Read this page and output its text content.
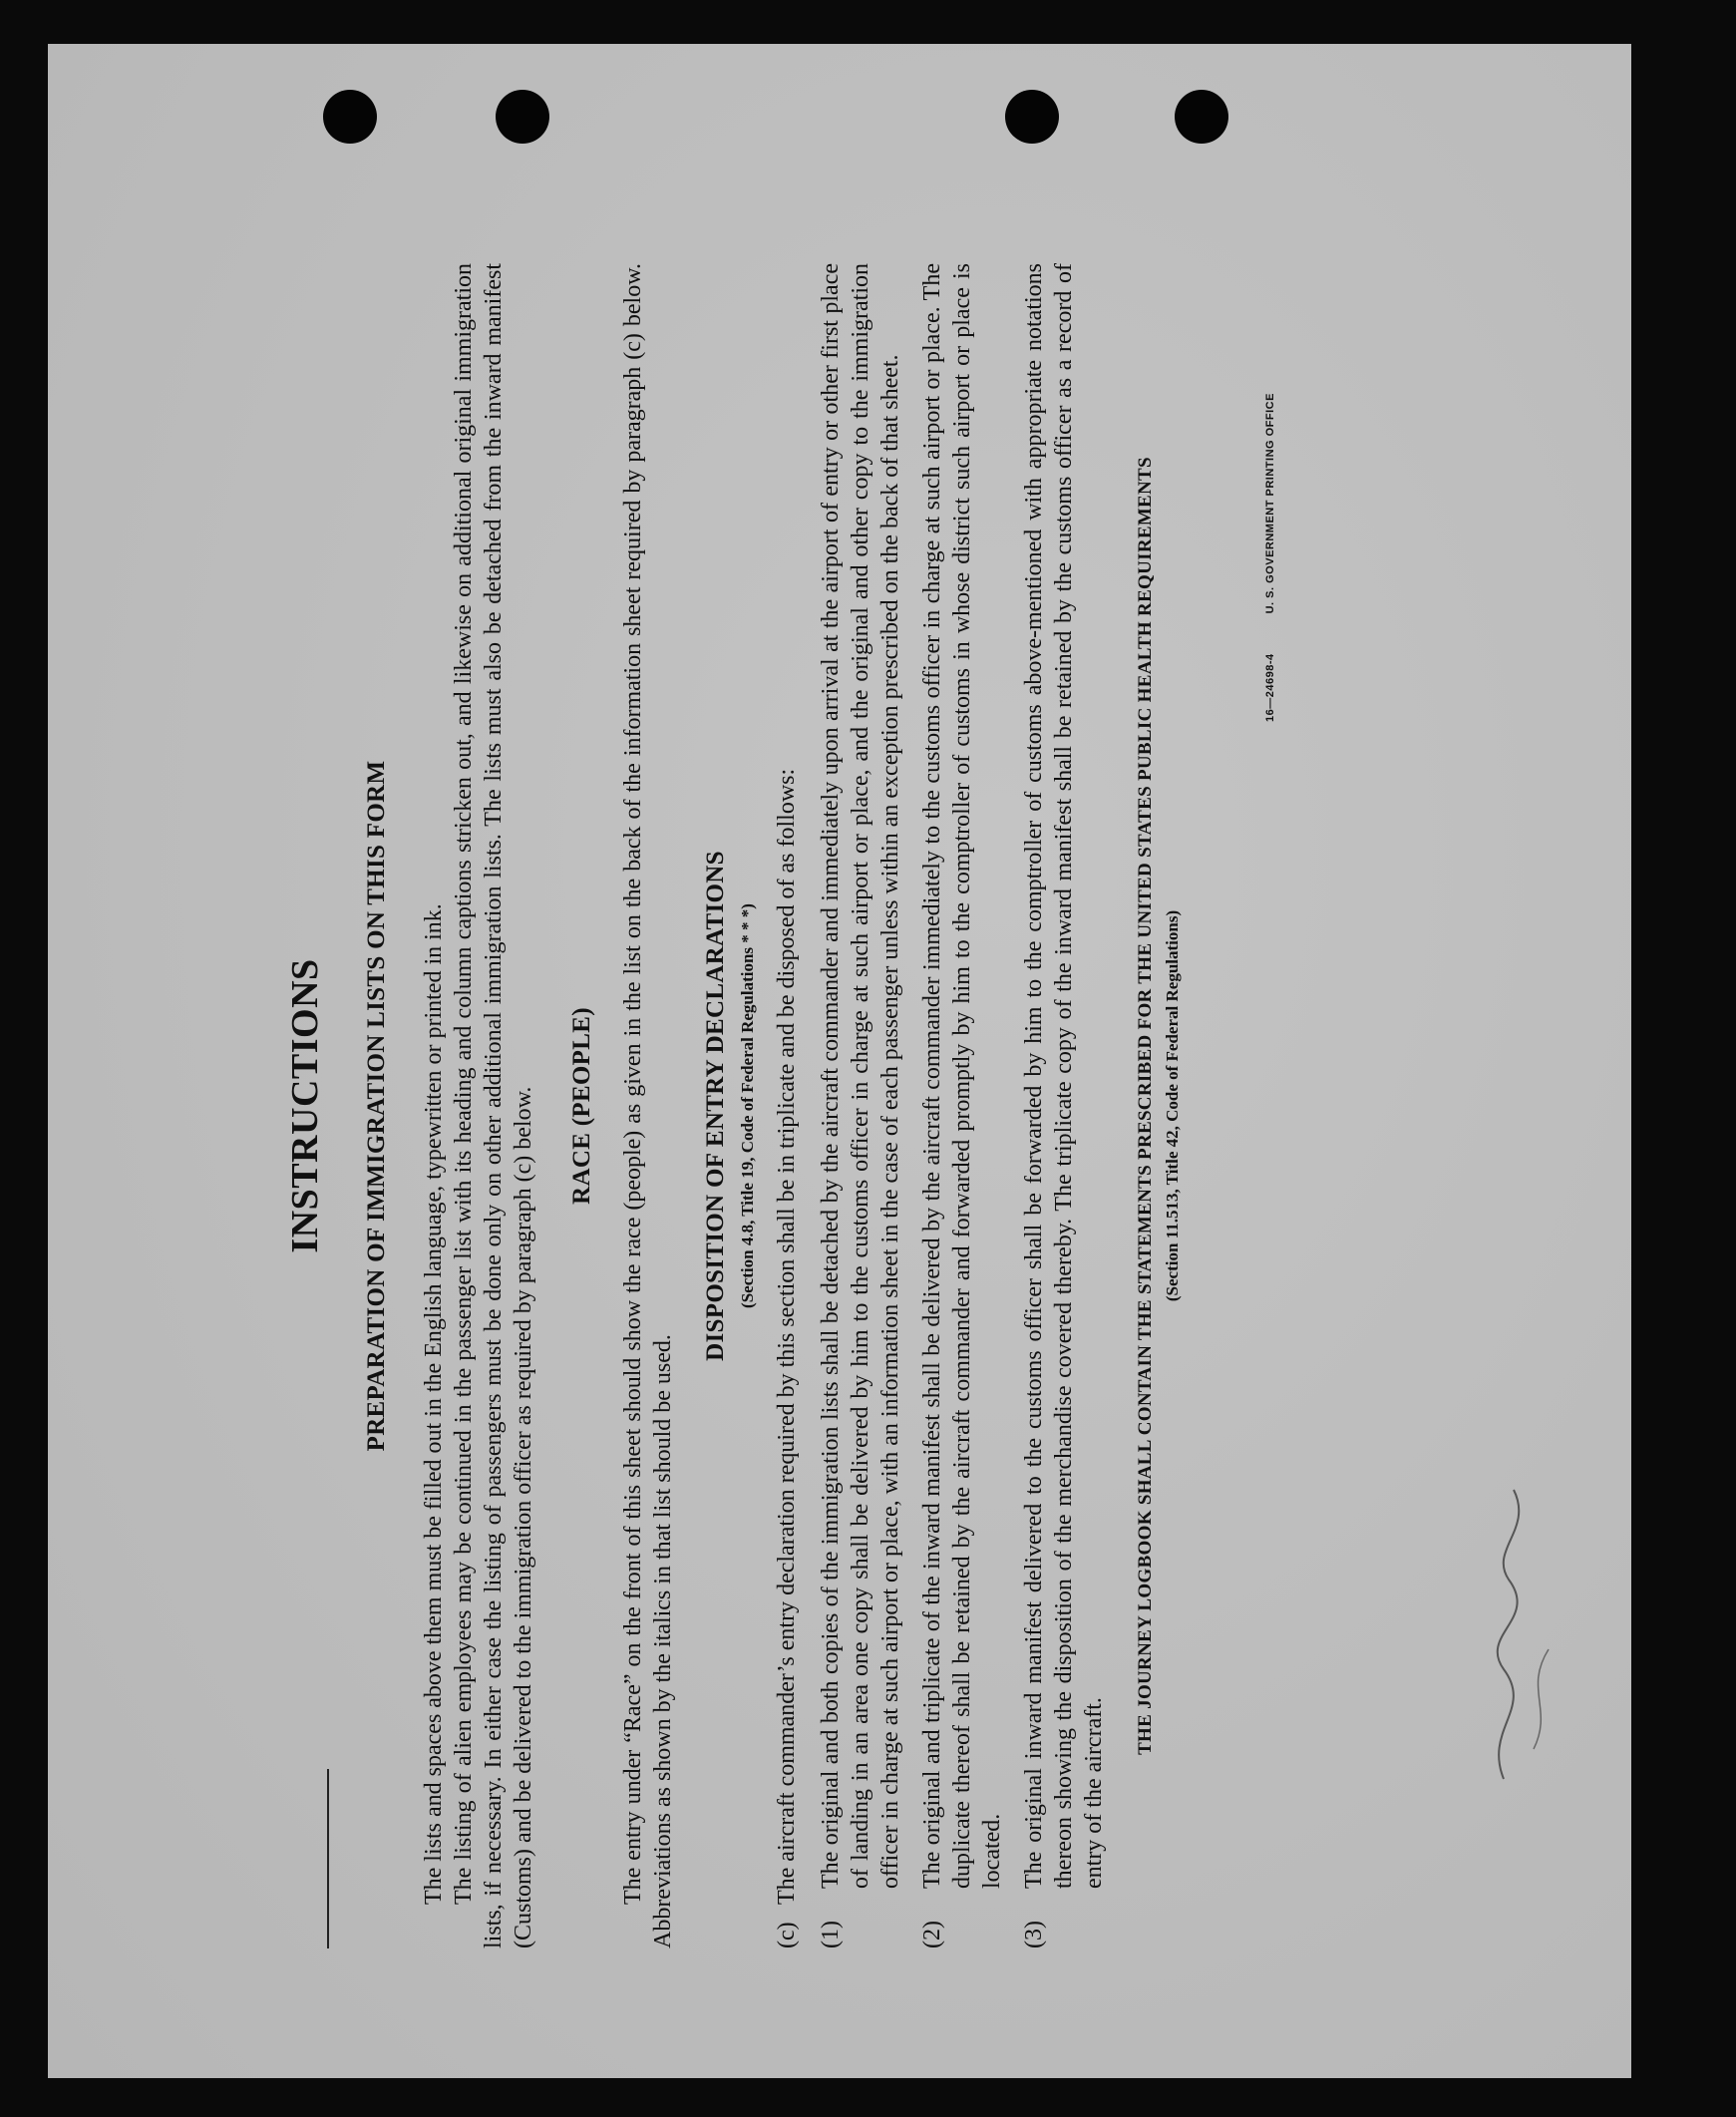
INSTRUCTIONS PREPARATION OF IMMIGRATION LISTS ON THIS FORM The lists and spaces above them must be filled out in the English language, typewritten or printed in ink. The listing of alien employees may be continued in the passenger list with its heading and column captions stricken out, and likewise on additional original immigration lists, if necessary. In either case the listing of passengers must be done only on other additional immigration lists. The lists must also be detached from the inward manifest (Customs) and be delivered to the immigration officer as required by paragraph (c) below. RACE (PEOPLE) The entry under “Race” on the front of this sheet should show the race (people) as given in the list on the back of the information sheet required by paragraph (c) below. Abbreviations as shown by the italics in that list should be used.

DISPOSITION OF ENTRY DECLARATIONS (Section 4.8, Title 19, Code of Federal Regulations * * *)
(c)
The aircraft commander’s entry declaration required by this section shall be in triplicate and be disposed of as follows:
(1)
The original and both copies of the immigration lists shall be detached by the aircraft commander and immediately upon arrival at the airport of entry or other first place of landing in an area one copy shall be delivered by him to the customs officer in charge at such airport or place, and the original and other copy to the immigration officer in charge at such airport or place, with an information sheet in the case of each passenger unless within an exception prescribed on the back of that sheet.
(2)
The original and triplicate of the inward manifest shall be delivered by the aircraft commander immediately to the customs officer in charge at such airport or place. The duplicate thereof shall be retained by the aircraft commander and forwarded promptly by him to the comptroller of customs in whose district such airport or place is located.
(3)
The original inward manifest delivered to the customs officer shall be forwarded by him to the comptroller of customs above-mentioned with appropriate notations thereon showing the disposition of the merchandise covered thereby. The triplicate copy of the inward manifest shall be retained by the customs officer as a record of entry of the aircraft.
THE JOURNEY LOGBOOK SHALL CONTAIN THE STATEMENTS PRESCRIBED FOR THE UNITED STATES PUBLIC HEALTH REQUIREMENTS (Section 11.513, Title 42, Code of Federal Regulations)
16—24698‑4
U. S. GOVERNMENT PRINTING OFFICE
